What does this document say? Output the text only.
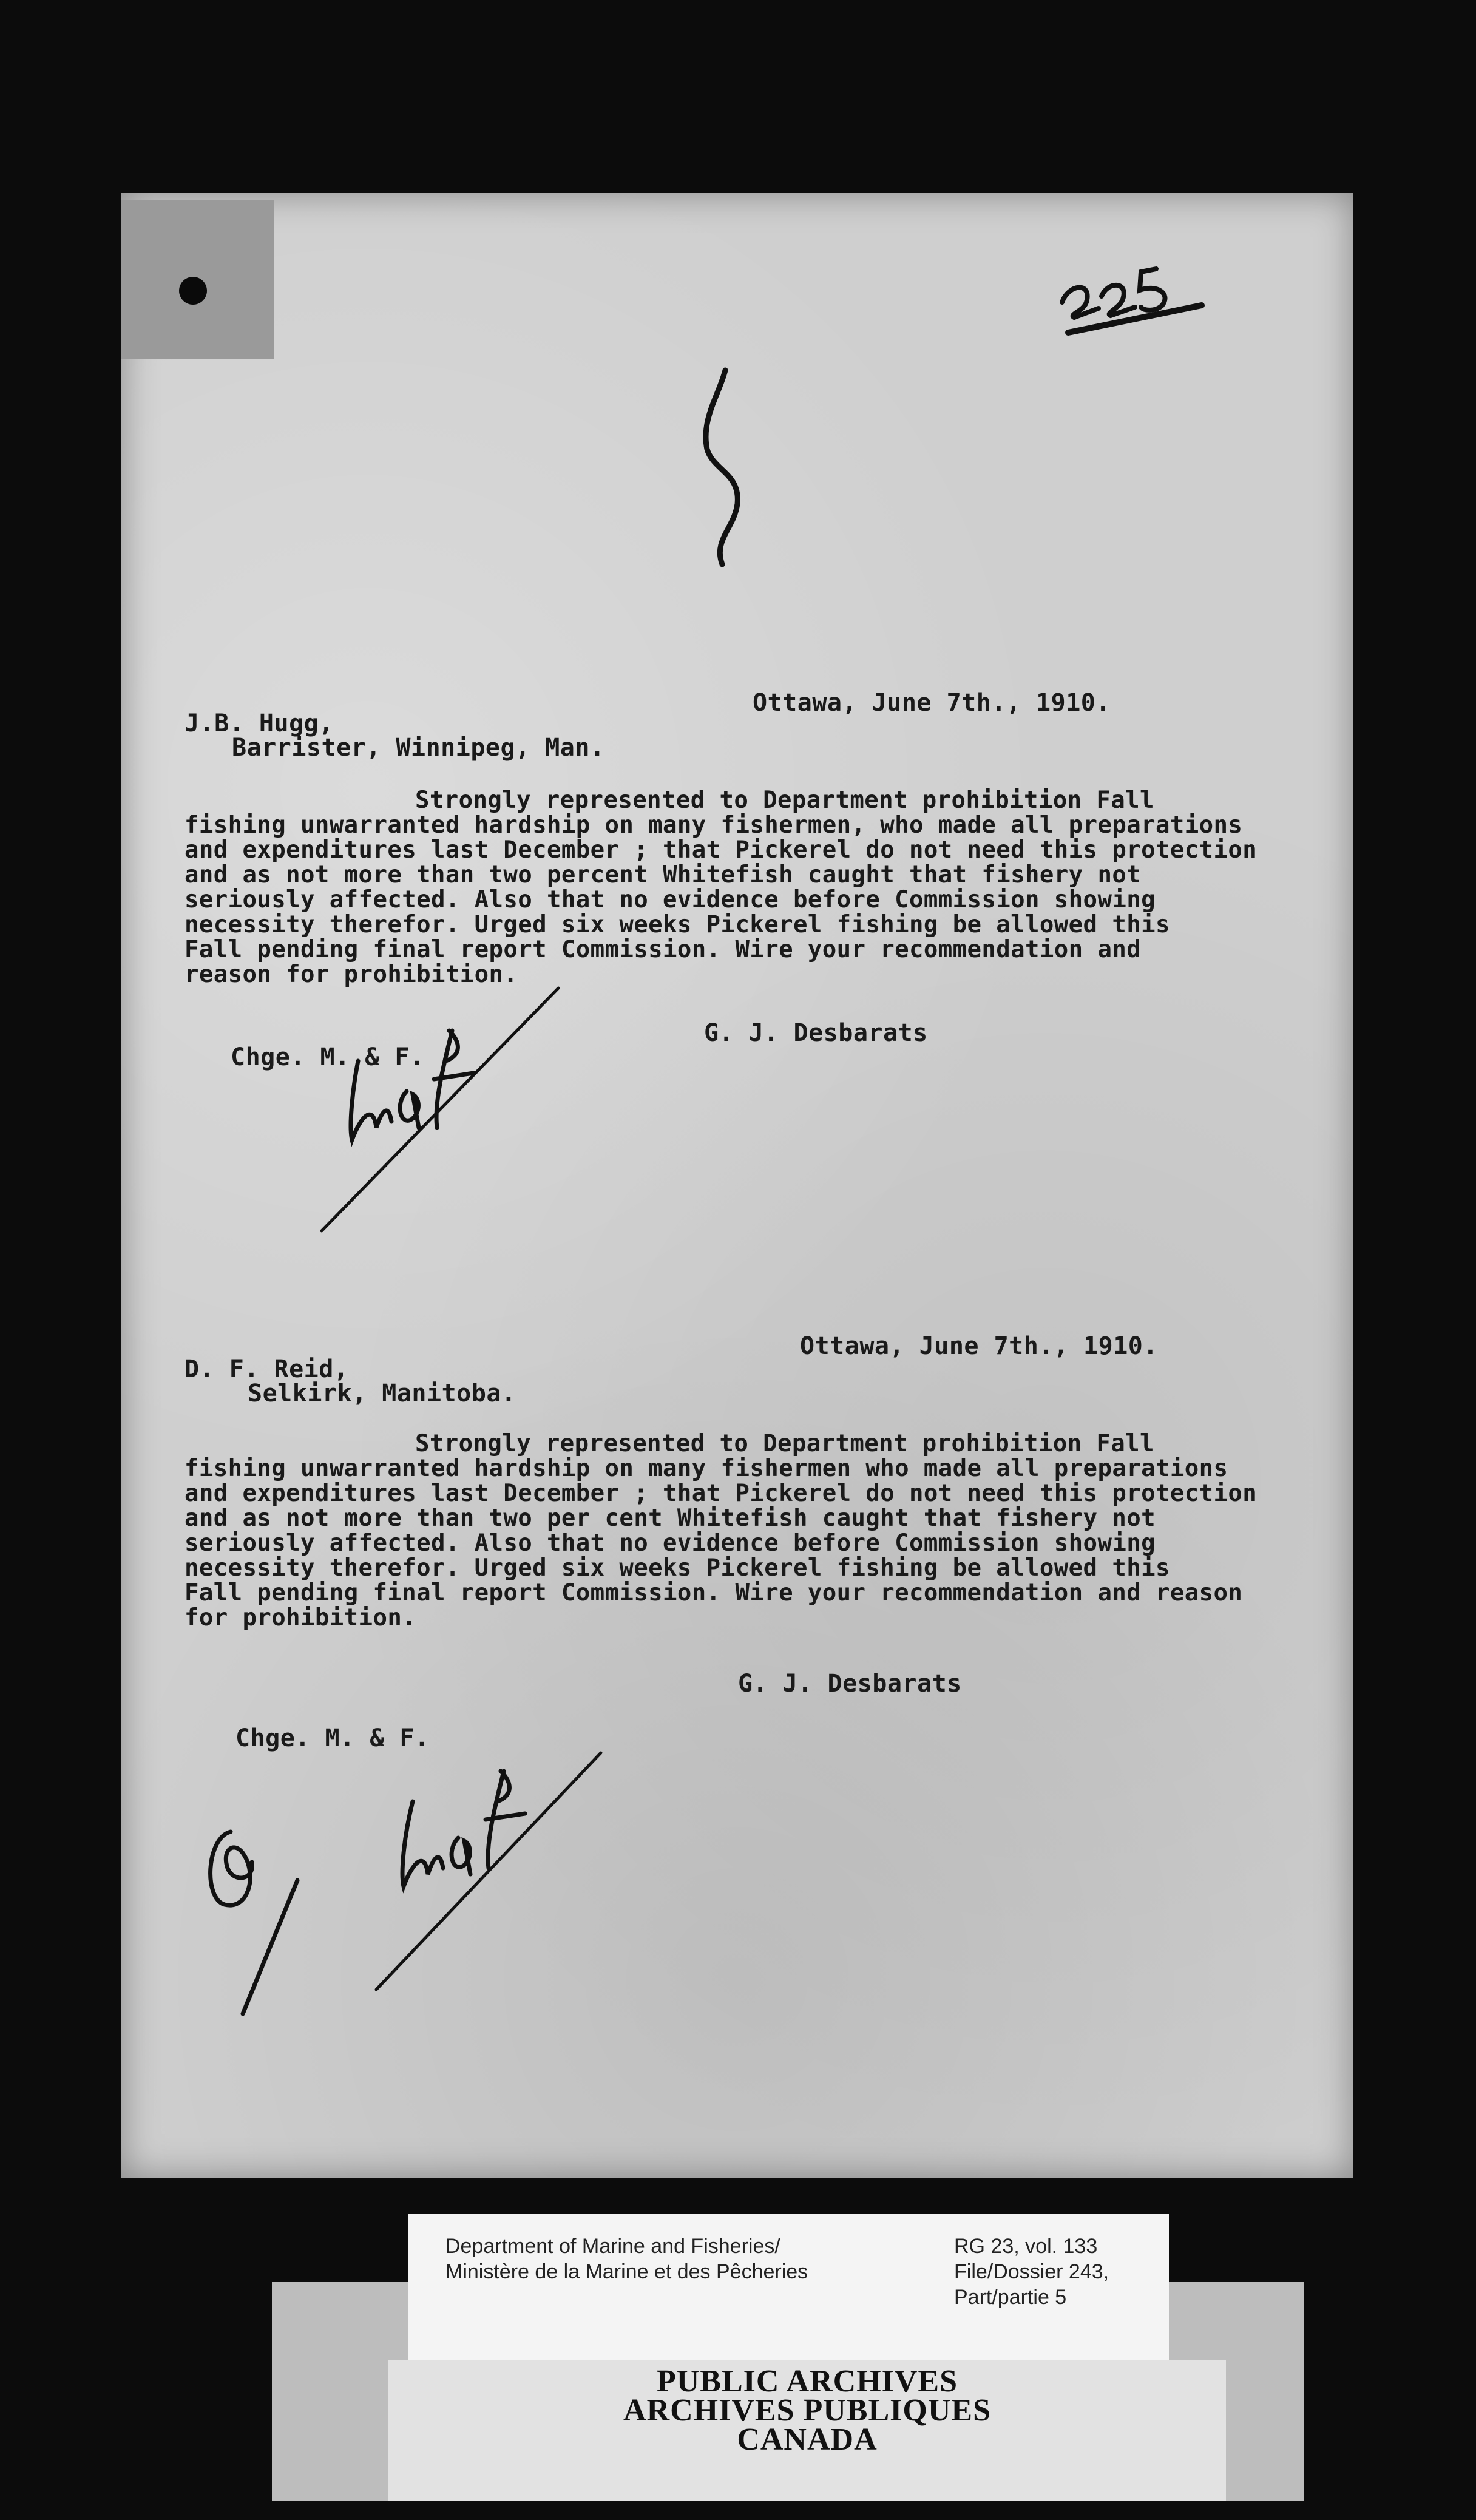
Ottawa, June 7th., 1910.
J.B. Hugg,
Barrister, Winnipeg, Man.
Strongly represented to Department prohibition Fall
fishing unwarranted hardship on many fishermen, who made all preparations
and expenditures last December ; that Pickerel do not need this protection
and as not more than two percent Whitefish caught that fishery not
seriously affected. Also that no evidence before Commission showing
necessity therefor. Urged six weeks Pickerel fishing be allowed this
Fall pending final report Commission. Wire your recommendation and
reason for prohibition.
G. J. Desbarats
Chge. M. & F.
Ottawa, June 7th., 1910.
D. F. Reid,
Selkirk, Manitoba.
Strongly represented to Department prohibition Fall
fishing unwarranted hardship on many fishermen who made all preparations
and expenditures last December ; that Pickerel do not need this protection
and as not more than two per cent Whitefish caught that fishery not
seriously affected. Also that no evidence before Commission showing
necessity therefor. Urged six weeks Pickerel fishing be allowed this
Fall pending final report Commission. Wire your recommendation and reason
for prohibition.
G. J. Desbarats
Chge. M. & F.
Department of Marine and Fisheries/
Ministère de la Marine et des Pêcheries
RG 23, vol. 133
File/Dossier 243,
Part/partie 5
PUBLIC ARCHIVES
ARCHIVES PUBLIQUES
CANADA
